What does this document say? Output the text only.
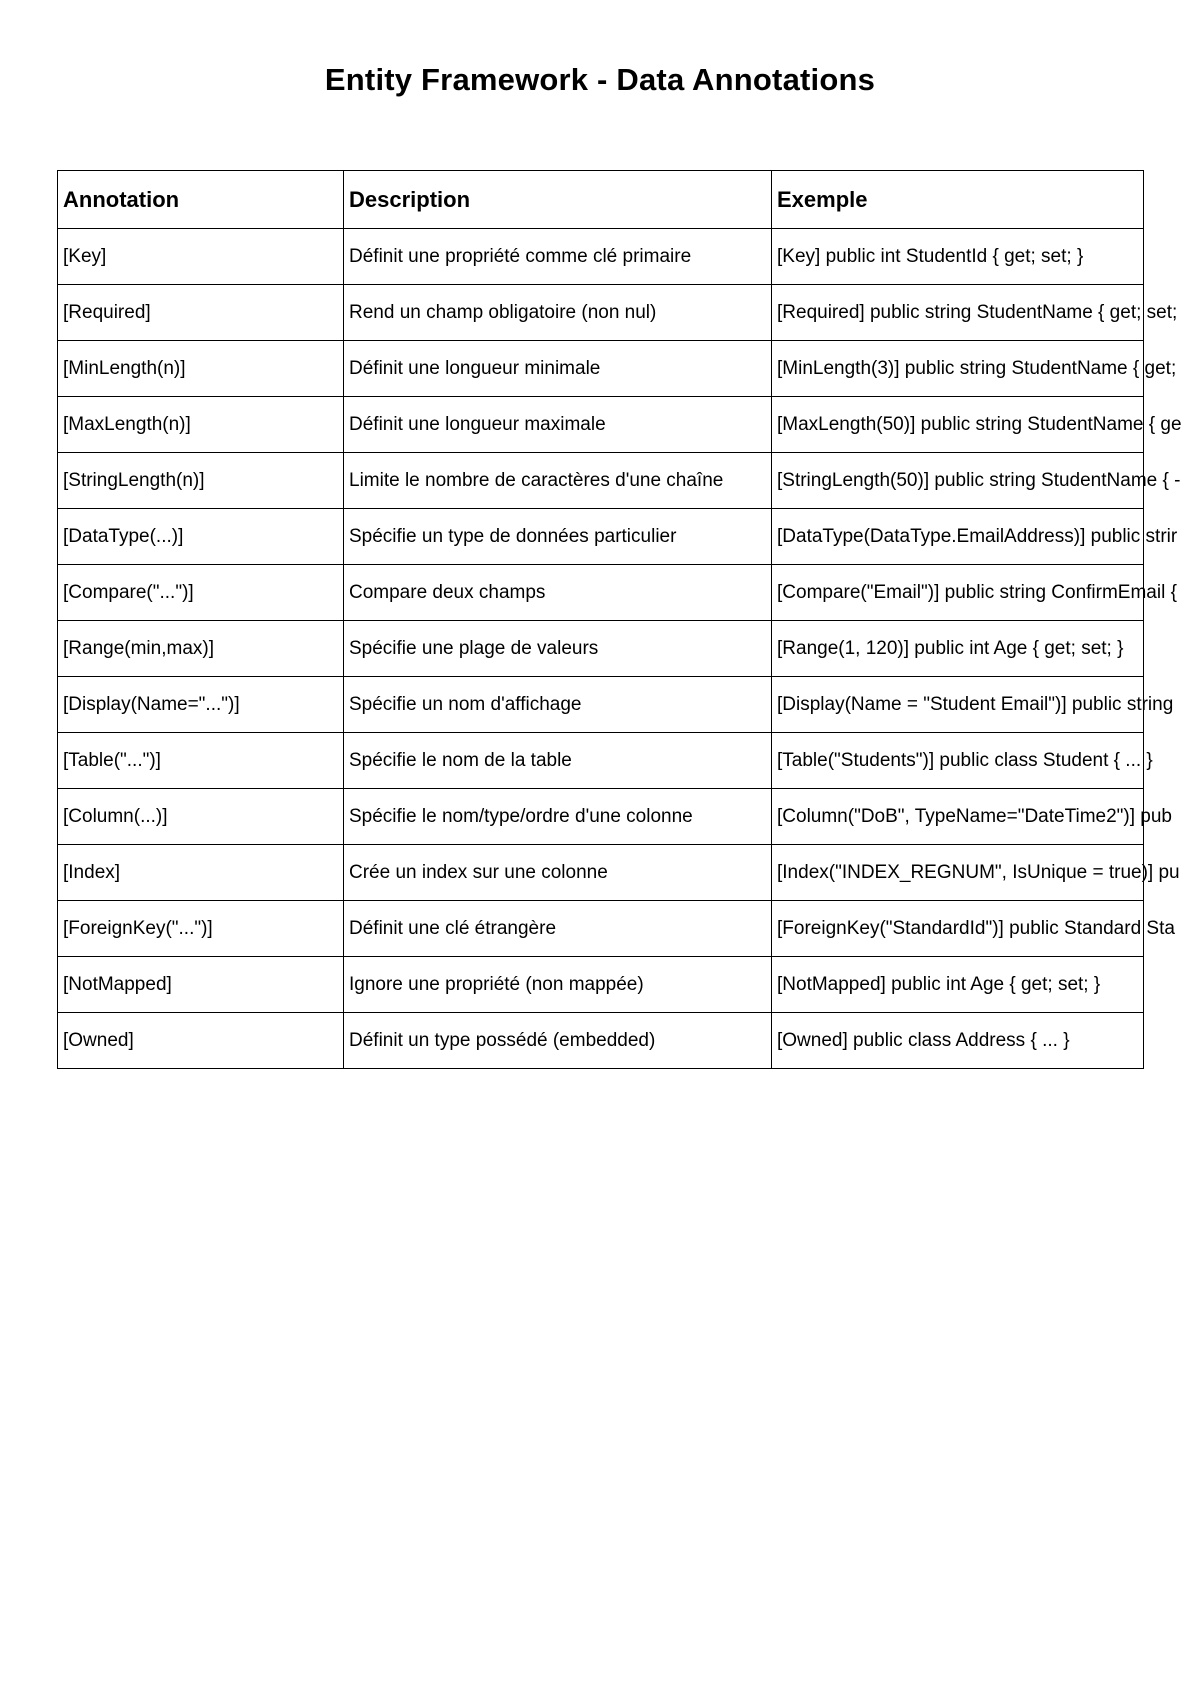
Entity Framework - Data Annotations
Annotation	Description	Exemple
[Key]	Définit une propriété comme clé primaire	[Key] public int StudentId { get; set; }
[Required]	Rend un champ obligatoire (non nul)	[Required] public string StudentName { get; set;
[MinLength(n)]	Définit une longueur minimale	[MinLength(3)] public string StudentName { get;
[MaxLength(n)]	Définit une longueur maximale	[MaxLength(50)] public string StudentName { ge
[StringLength(n)]	Limite le nombre de caractères d'une chaîne	[StringLength(50)] public string StudentName { -
[DataType(...)]	Spécifie un type de données particulier	[DataType(DataType.EmailAddress)] public strir
[Compare("...")]	Compare deux champs	[Compare("Email")] public string ConfirmEmail {
[Range(min,max)]	Spécifie une plage de valeurs	[Range(1, 120)] public int Age { get; set; }
[Display(Name="...")]	Spécifie un nom d'affichage	[Display(Name = "Student Email")] public string
[Table("...")]	Spécifie le nom de la table	[Table("Students")] public class Student { ... }
[Column(...)]	Spécifie le nom/type/ordre d'une colonne	[Column("DoB", TypeName="DateTime2")] pub
[Index]	Crée un index sur une colonne	[Index("INDEX_REGNUM", IsUnique = true)] pu
[ForeignKey("...")]	Définit une clé étrangère	[ForeignKey("StandardId")] public Standard Sta
[NotMapped]	Ignore une propriété (non mappée)	[NotMapped] public int Age { get; set; }
[Owned]	Définit un type possédé (embedded)	[Owned] public class Address { ... }
